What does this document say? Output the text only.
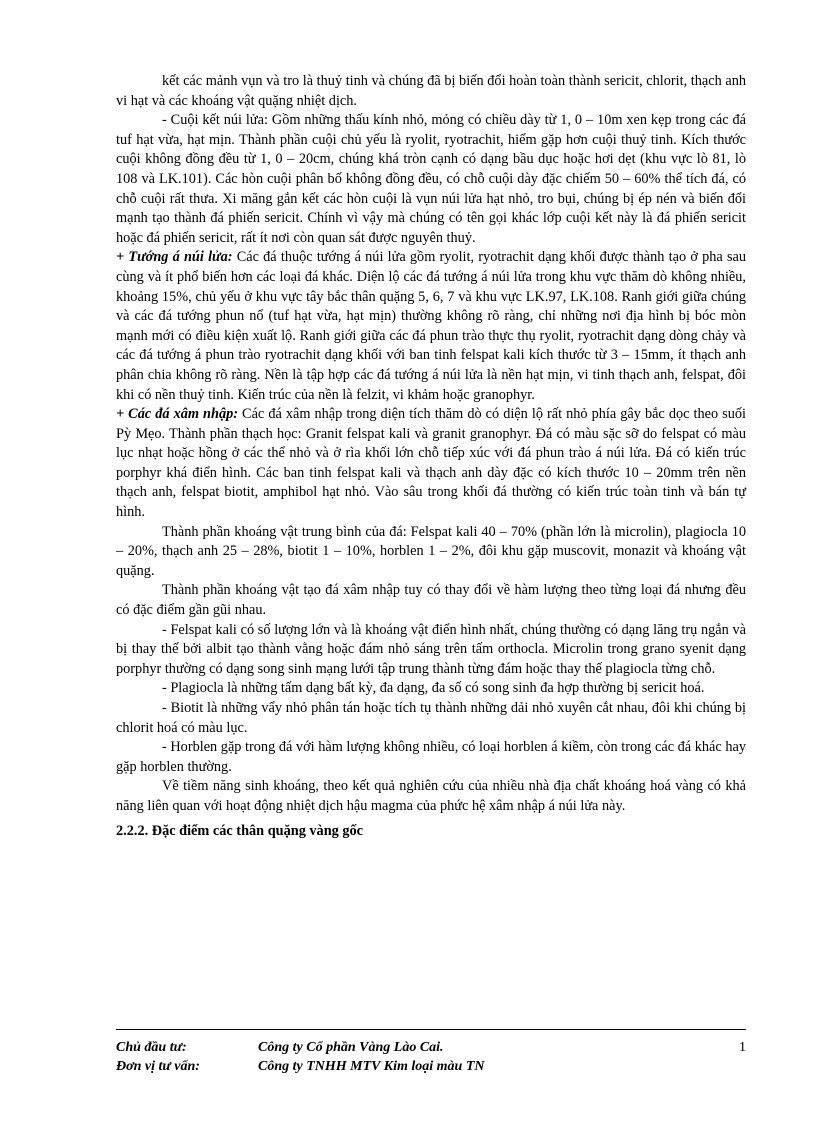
kết các mảnh vụn và tro là thuỷ tinh và chúng đã bị biến đổi hoàn toàn thành sericit, chlorit, thạch anh vi hạt và các khoáng vật quặng nhiệt dịch.

- Cuội kết núi lửa: Gồm những thấu kính nhỏ, mỏng có chiều dày từ 1, 0 – 10m xen kẹp trong các đá tuf hạt vừa, hạt mịn. Thành phần cuội chủ yếu là ryolit, ryotrachit, hiếm gặp hơn cuội thuỷ tinh. Kích thước cuội không đồng đều từ 1, 0 – 20cm, chúng khá tròn cạnh có dạng bầu dục hoặc hơi dẹt (khu vực lò 81, lò 108 và LK.101). Các hòn cuội phân bố không đồng đều, có chỗ cuội dày đặc chiếm 50 – 60% thể tích đá, có chỗ cuội rất thưa. Xi măng gắn kết các hòn cuội là vụn núi lửa hạt nhỏ, tro bụi, chúng bị ép nén và biến đổi mạnh tạo thành đá phiến sericit. Chính vì vậy mà chúng có tên gọi khác lớp cuội kết này là đá phiến sericit hoặc đá phiến sericit, rất ít nơi còn quan sát được nguyên thuỷ.

+ Tướng á núi lửa: Các đá thuộc tướng á núi lửa gồm ryolit, ryotrachit dạng khối được thành tạo ở pha sau cùng và ít phổ biến hơn các loại đá khác. Diện lộ các đá tướng á núi lửa trong khu vực thăm dò không nhiều, khoảng 15%, chủ yếu ở khu vực tây bắc thân quặng 5, 6, 7 và khu vực LK.97, LK.108. Ranh giới giữa chúng và các đá tướng phun nổ (tuf hạt vừa, hạt mịn) thường không rõ ràng, chỉ những nơi địa hình bị bóc mòn mạnh mới có điều kiện xuất lộ. Ranh giới giữa các đá phun trào thực thụ ryolit, ryotrachit dạng dòng chảy và các đá tướng á phun trào ryotrachit dạng khối với ban tinh felspat kali kích thước từ 3 – 15mm, ít thạch anh phân chia không rõ ràng. Nền là tập hợp các đá tướng á núi lửa là nền hạt mịn, vi tinh thạch anh, felspat, đôi khi có nền thuỷ tinh. Kiến trúc của nền là felzit, vi khảm hoặc granophyr.

+ Các đá xâm nhập: Các đá xâm nhập trong diện tích thăm dò có diện lộ rất nhỏ phía gây bắc dọc theo suối Pỳ Mẹo. Thành phần thạch học: Granit felspat kali và granit granophyr. Đá có màu sặc sỡ do felspat có màu lục nhạt hoặc hồng ở các thể nhỏ và ở rìa khối lớn chỗ tiếp xúc với đá phun trào á núi lửa. Đá có kiến trúc porphyr khá điển hình. Các ban tinh felspat kali và thạch anh dày đặc có kích thước 10 – 20mm trên nền thạch anh, felspat biotit, amphibol hạt nhỏ. Vào sâu trong khối đá thường có kiến trúc toàn tinh và bán tự hình.

Thành phần khoáng vật trung bình của đá: Felspat kali 40 – 70% (phần lớn là microlin), plagiocla 10 – 20%, thạch anh 25 – 28%, biotit 1 – 10%, horblen 1 – 2%, đôi khu gặp muscovit, monazit và khoáng vật quặng.

Thành phần khoáng vật tạo đá xâm nhập tuy có thay đổi về hàm lượng theo từng loại đá nhưng đều có đặc điểm gần gũi nhau.

- Felspat kali có số lượng lớn và là khoáng vật điển hình nhất, chúng thường có dạng lăng trụ ngắn và bị thay thế bởi albit tạo thành vằng hoặc đám nhỏ sáng trên tấm orthocla. Microlin trong grano syenit dạng porphyr thường có dạng song sinh mạng lưới tập trung thành từng đám hoặc thay thế plagiocla từng chỗ.

- Plagiocla là những tấm dạng bất kỳ, đa dạng, đa số có song sinh đa hợp thường bị sericit hoá.

- Biotit là những vẩy nhỏ phân tán hoặc tích tụ thành những dải nhỏ xuyên cắt nhau, đôi khi chúng bị chlorit hoá có màu lục.

- Horblen gặp trong đá với hàm lượng không nhiều, có loại horblen á kiềm, còn trong các đá khác hay gặp horblen thường.

Về tiềm năng sinh khoáng, theo kết quả nghiên cứu của nhiều nhà địa chất khoáng hoá vàng có khả năng liên quan với hoạt động nhiệt dịch hậu magma của phức hệ xâm nhập á núi lửa này.

2.2.2. Đặc điểm các thân quặng vàng gốc

Chủ đầu tư:	Công ty Cổ phần Vàng Lào Cai.	1
Đơn vị tư vấn:	Công ty TNHH MTV Kim loại màu TN
